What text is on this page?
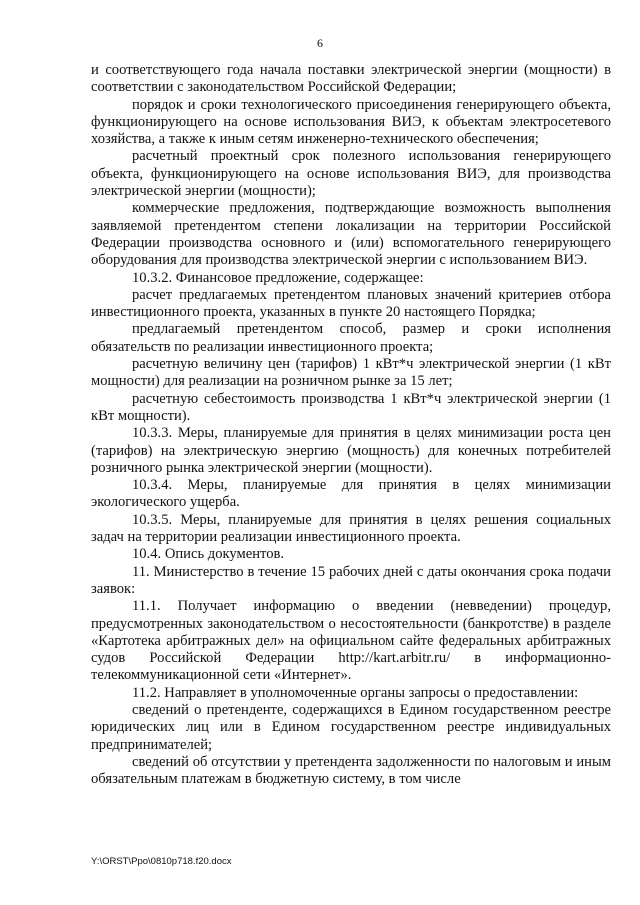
6

и соответствующего года начала поставки электрической энергии (мощности) в соответствии с законодательством Российской Федерации;

порядок и сроки технологического присоединения генерирующего объекта, функционирующего на основе использования ВИЭ, к объектам электросетевого хозяйства, а также к иным сетям инженерно-технического обеспечения;

расчетный проектный срок полезного использования генерирующего объекта, функционирующего на основе использования ВИЭ, для производства электрической энергии (мощности);

коммерческие предложения, подтверждающие возможность выполнения заявляемой претендентом степени локализации на территории Российской Федерации производства основного и (или) вспомогательного генерирующего оборудования для производства электрической энергии с использованием ВИЭ.

10.3.2. Финансовое предложение, содержащее:

расчет предлагаемых претендентом плановых значений критериев отбора инвестиционного проекта, указанных в пункте 20 настоящего Порядка;

предлагаемый претендентом способ, размер и сроки исполнения обязательств по реализации инвестиционного проекта;

расчетную величину цен (тарифов) 1 кВт*ч электрической энергии (1 кВт мощности) для реализации на розничном рынке за 15 лет;

расчетную себестоимость производства 1 кВт*ч электрической энергии (1 кВт мощности).

10.3.3. Меры, планируемые для принятия в целях минимизации роста цен (тарифов) на электрическую энергию (мощность) для конечных потребителей розничного рынка электрической энергии (мощности).

10.3.4. Меры, планируемые для принятия в целях минимизации экологического ущерба.

10.3.5. Меры, планируемые для принятия в целях решения социальных задач на территории реализации инвестиционного проекта.

10.4. Опись документов.

11. Министерство в течение 15 рабочих дней с даты окончания срока подачи заявок:

11.1. Получает информацию о введении (невведении) процедур, предусмотренных законодательством о несостоятельности (банкротстве) в разделе «Картотека арбитражных дел» на официальном сайте федеральных арбитражных судов Российской Федерации http://kart.arbitr.ru/ в информационно-телекоммуникационной сети «Интернет».

11.2. Направляет в уполномоченные органы запросы о предоставлении:

сведений о претенденте, содержащихся в Едином государственном реестре юридических лиц или в Едином государственном реестре индивидуальных предпринимателей;

сведений об отсутствии у претендента задолженности по налоговым и иным обязательным платежам в бюджетную систему, в том числе

Y:\ORST\Ppo\0810p718.f20.docx
